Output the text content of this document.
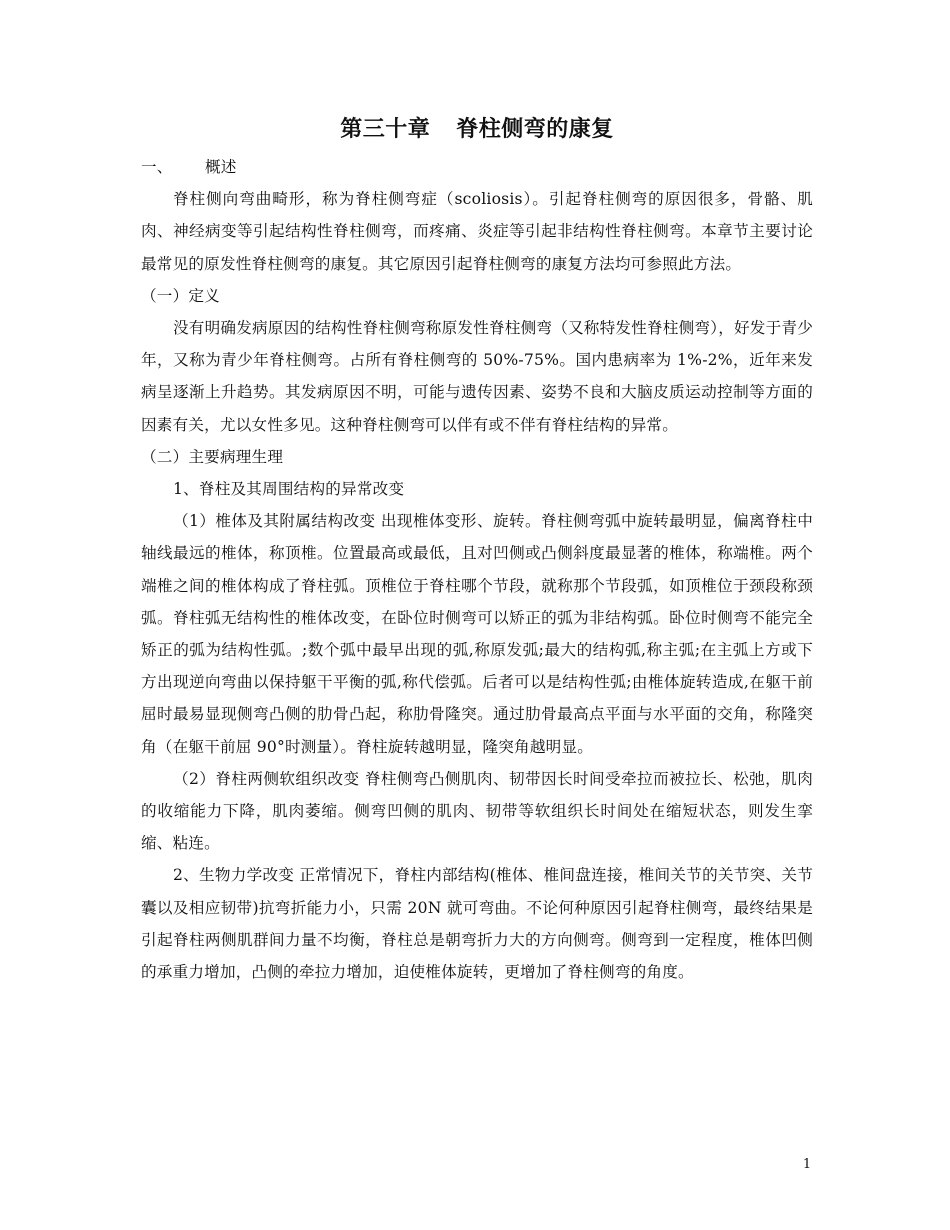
第三十章 脊柱侧弯的康复

一、	概述

脊柱侧向弯曲畸形，称为脊柱侧弯症（scoliosis）。引起脊柱侧弯的原因很多，骨骼、肌肉、神经病变等引起结构性脊柱侧弯，而疼痛、炎症等引起非结构性脊柱侧弯。本章节主要讨论最常见的原发性脊柱侧弯的康复。其它原因引起脊柱侧弯的康复方法均可参照此方法。

（一）定义

没有明确发病原因的结构性脊柱侧弯称原发性脊柱侧弯（又称特发性脊柱侧弯），好发于青少年，又称为青少年脊柱侧弯。占所有脊柱侧弯的 50%-75%。国内患病率为 1%-2%，近年来发病呈逐渐上升趋势。其发病原因不明，可能与遗传因素、姿势不良和大脑皮质运动控制等方面的因素有关，尤以女性多见。这种脊柱侧弯可以伴有或不伴有脊柱结构的异常。

（二）主要病理生理

1、脊柱及其周围结构的异常改变

（1）椎体及其附属结构改变 出现椎体变形、旋转。脊柱侧弯弧中旋转最明显，偏离脊柱中轴线最远的椎体，称顶椎。位置最高或最低，且对凹侧或凸侧斜度最显著的椎体，称端椎。两个端椎之间的椎体构成了脊柱弧。顶椎位于脊柱哪个节段，就称那个节段弧，如顶椎位于颈段称颈弧。脊柱弧无结构性的椎体改变，在卧位时侧弯可以矫正的弧为非结构弧。卧位时侧弯不能完全矫正的弧为结构性弧。;数个弧中最早出现的弧,称原发弧;最大的结构弧,称主弧;在主弧上方或下方出现逆向弯曲以保持躯干平衡的弧,称代偿弧。后者可以是结构性弧;由椎体旋转造成,在躯干前屈时最易显现侧弯凸侧的肋骨凸起，称肋骨隆突。通过肋骨最高点平面与水平面的交角，称隆突角（在躯干前屈 90°时测量）。脊柱旋转越明显，隆突角越明显。

（2）脊柱两侧软组织改变 脊柱侧弯凸侧肌肉、韧带因长时间受牵拉而被拉长、松弛，肌肉的收缩能力下降，肌肉萎缩。侧弯凹侧的肌肉、韧带等软组织长时间处在缩短状态，则发生挛缩、粘连。

2、生物力学改变 正常情况下，脊柱内部结构(椎体、椎间盘连接，椎间关节的关节突、关节囊以及相应韧带)抗弯折能力小，只需 20N 就可弯曲。不论何种原因引起脊柱侧弯，最终结果是引起脊柱两侧肌群间力量不均衡，脊柱总是朝弯折力大的方向侧弯。侧弯到一定程度，椎体凹侧的承重力增加，凸侧的牵拉力增加，迫使椎体旋转，更增加了脊柱侧弯的角度。

1
